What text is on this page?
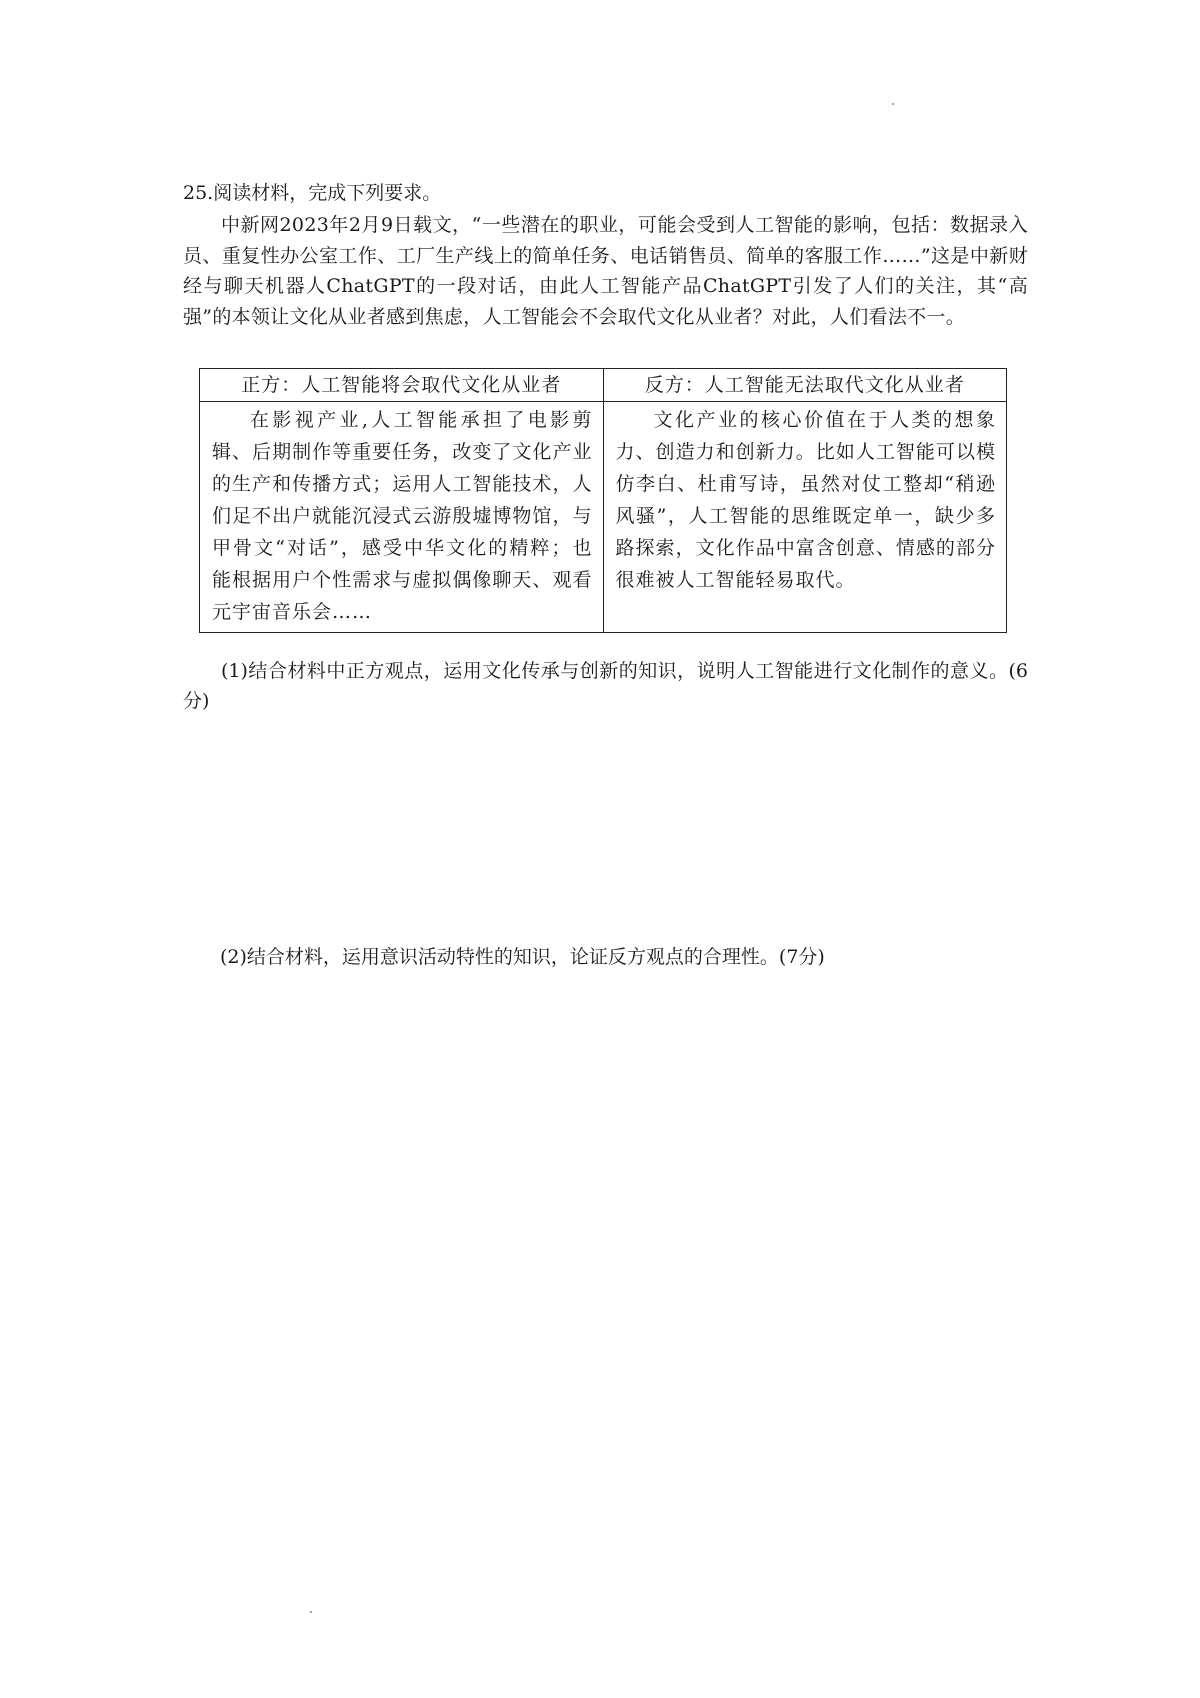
25.阅读材料，完成下列要求。
中新网2023年2月9日载文，“一些潜在的职业，可能会受到人工智能的影响，包括：数据录入员、重复性办公室工作、工厂生产线上的简单任务、电话销售员、简单的客服工作……”这是中新财经与聊天机器人ChatGPT的一段对话，由此人工智能产品ChatGPT引发了人们的关注，其“高强”的本领让文化从业者感到焦虑，人工智能会不会取代文化从业者？对此，人们看法不一。
正方：人工智能将会取代文化从业者	反方：人工智能无法取代文化从业者
在影视产业,人工智能承担了电影剪辑、后期制作等重要任务，改变了文化产业的生产和传播方式；运用人工智能技术，人们足不出户就能沉浸式云游殷墟博物馆，与甲骨文“对话”，感受中华文化的精粹；也能根据用户个性需求与虚拟偶像聊天、观看元宇宙音乐会……	文化产业的核心价值在于人类的想象力、创造力和创新力。比如人工智能可以模仿李白、杜甫写诗，虽然对仗工整却“稍逊风骚”，人工智能的思维既定单一，缺少多路探索，文化作品中富含创意、情感的部分很难被人工智能轻易取代。
(1)结合材料中正方观点，运用文化传承与创新的知识，说明人工智能进行文化制作的意义。(6分)
(2)结合材料，运用意识活动特性的知识，论证反方观点的合理性。(7分)
